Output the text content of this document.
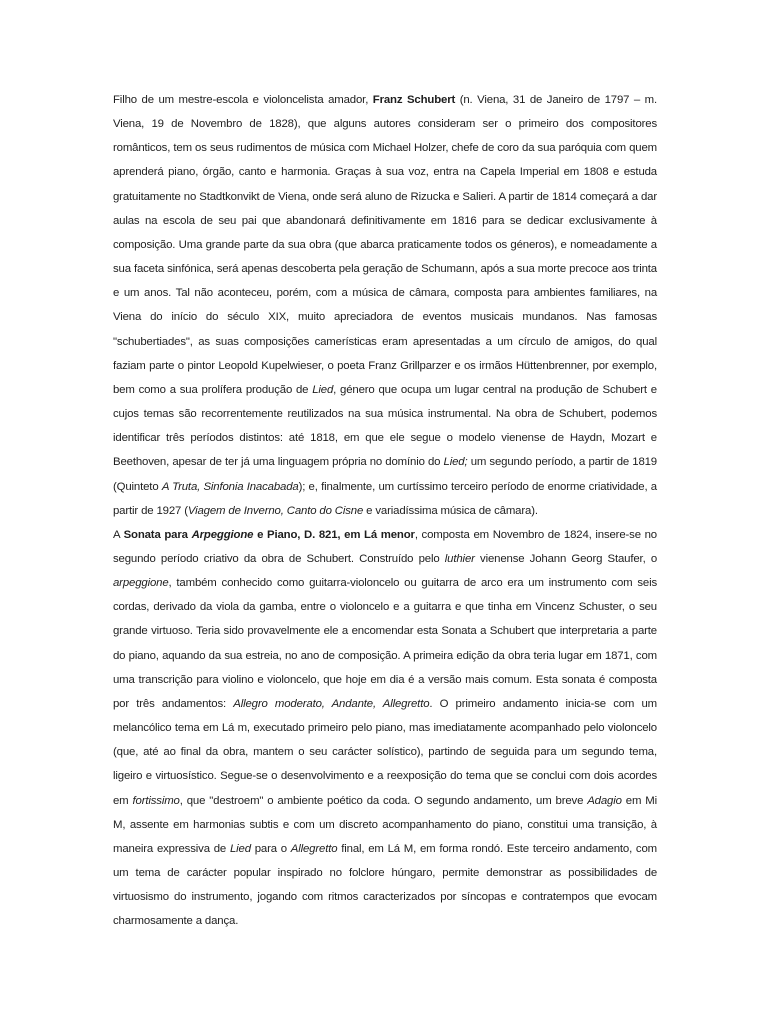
Filho de um mestre-escola e violoncelista amador, Franz Schubert (n. Viena, 31 de Janeiro de 1797 – m. Viena, 19 de Novembro de 1828), que alguns autores consideram ser o primeiro dos compositores românticos, tem os seus rudimentos de música com Michael Holzer, chefe de coro da sua paróquia com quem aprenderá piano, órgão, canto e harmonia. Graças à sua voz, entra na Capela Imperial em 1808 e estuda gratuitamente no Stadtkonvikt de Viena, onde será aluno de Rizucka e Salieri. A partir de 1814 começará a dar aulas na escola de seu pai que abandonará definitivamente em 1816 para se dedicar exclusivamente à composição. Uma grande parte da sua obra (que abarca praticamente todos os géneros), e nomeadamente a sua faceta sinfónica, será apenas descoberta pela geração de Schumann, após a sua morte precoce aos trinta e um anos. Tal não aconteceu, porém, com a música de câmara, composta para ambientes familiares, na Viena do início do século XIX, muito apreciadora de eventos musicais mundanos. Nas famosas "schubertiades", as suas composições camerísticas eram apresentadas a um círculo de amigos, do qual faziam parte o pintor Leopold Kupelwieser, o poeta Franz Grillparzer e os irmãos Hüttenbrenner, por exemplo, bem como a sua prolífera produção de Lied, género que ocupa um lugar central na produção de Schubert e cujos temas são recorrentemente reutilizados na sua música instrumental. Na obra de Schubert, podemos identificar três períodos distintos: até 1818, em que ele segue o modelo vienense de Haydn, Mozart e Beethoven, apesar de ter já uma linguagem própria no domínio do Lied; um segundo período, a partir de 1819 (Quinteto A Truta, Sinfonia Inacabada); e, finalmente, um curtíssimo terceiro período de enorme criatividade, a partir de 1927 (Viagem de Inverno, Canto do Cisne e variadíssima música de câmara).

A Sonata para Arpeggione e Piano, D. 821, em Lá menor, composta em Novembro de 1824, insere-se no segundo período criativo da obra de Schubert. Construído pelo luthier vienense Johann Georg Staufer, o arpeggione, também conhecido como guitarra-violoncelo ou guitarra de arco era um instrumento com seis cordas, derivado da viola da gamba, entre o violoncelo e a guitarra e que tinha em Vincenz Schuster, o seu grande virtuoso. Teria sido provavelmente ele a encomendar esta Sonata a Schubert que interpretaria a parte do piano, aquando da sua estreia, no ano de composição. A primeira edição da obra teria lugar em 1871, com uma transcrição para violino e violoncelo, que hoje em dia é a versão mais comum. Esta sonata é composta por três andamentos: Allegro moderato, Andante, Allegretto. O primeiro andamento inicia-se com um melancólico tema em Lá m, executado primeiro pelo piano, mas imediatamente acompanhado pelo violoncelo (que, até ao final da obra, mantem o seu carácter solístico), partindo de seguida para um segundo tema, ligeiro e virtuosístico. Segue-se o desenvolvimento e a reexposição do tema que se conclui com dois acordes em fortissimo, que "destroem" o ambiente poético da coda. O segundo andamento, um breve Adagio em Mi M, assente em harmonias subtis e com um discreto acompanhamento do piano, constitui uma transição, à maneira expressiva de Lied para o Allegretto final, em Lá M, em forma rondó. Este terceiro andamento, com um tema de carácter popular inspirado no folclore húngaro, permite demonstrar as possibilidades de virtuosismo do instrumento, jogando com ritmos caracterizados por síncopas e contratempos que evocam charmosamente a dança.
